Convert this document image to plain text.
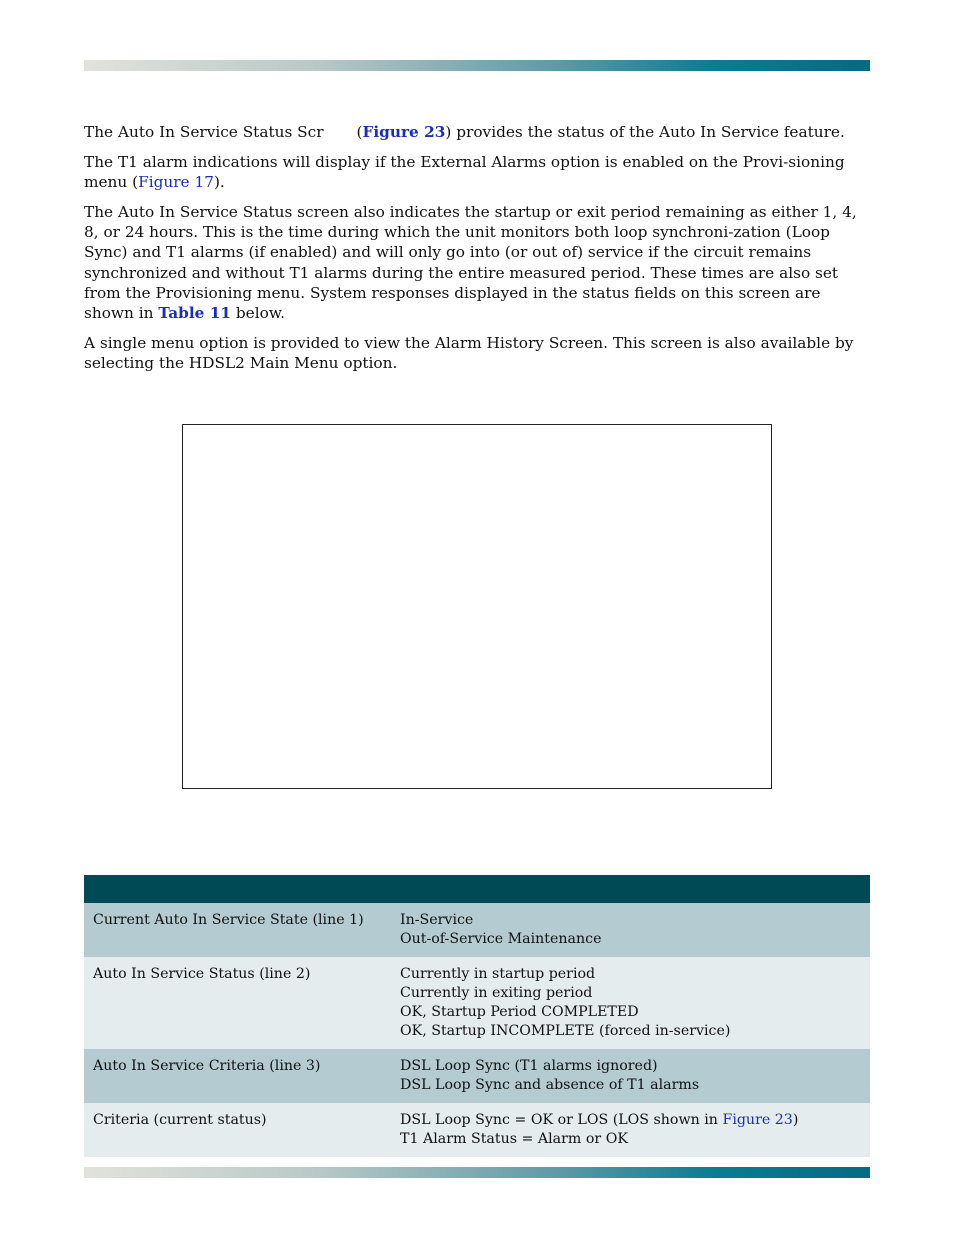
The Auto In Service Status Scr (Figure 23) provides the status of the Auto In Service feature.

The T1 alarm indications will display if the External Alarms option is enabled on the Provi-sioning menu (Figure 17).

The Auto In Service Status screen also indicates the startup or exit period remaining as either 1, 4, 8, or 24 hours. This is the time during which the unit monitors both loop synchroni-zation (Loop Sync) and T1 alarms (if enabled) and will only go into (or out of) service if the circuit remains synchronized and without T1 alarms during the entire measured period. These times are also set from the Provisioning menu. System responses displayed in the status fields on this screen are shown in Table 11 below.

A single menu option is provided to view the Alarm History Screen. This screen is also available by selecting the HDSL2 Main Menu option.

Current Auto In Service State (line 1)	In-Service
Out-of-Service Maintenance
Auto In Service Status (line 2)	Currently in startup period
Currently in exiting period
OK, Startup Period COMPLETED
OK, Startup INCOMPLETE (forced in-service)
Auto In Service Criteria (line 3)	DSL Loop Sync (T1 alarms ignored)
DSL Loop Sync and absence of T1 alarms
Criteria (current status)	DSL Loop Sync = OK or LOS (LOS shown in Figure 23)
T1 Alarm Status = Alarm or OK
